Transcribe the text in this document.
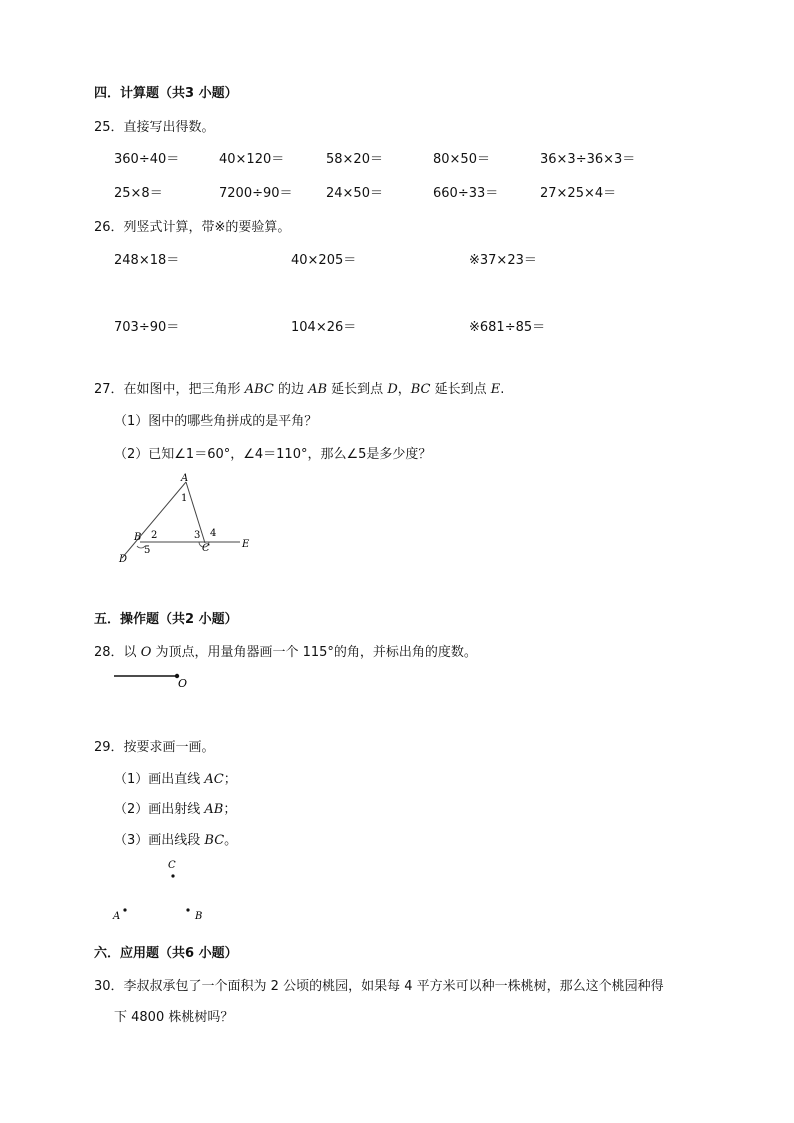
四．计算题（共3 小题）
25．直接写出得数。
360÷40＝	40×120＝	58×20＝	80×50＝	36×3÷36×3＝
25×8＝	7200÷90＝	24×50＝	660÷33＝	27×25×4＝
26．列竖式计算，带※的要验算。
248×18＝	40×205＝	※37×23＝
703÷90＝	104×26＝	※681÷85＝
27．在如图中，把三角形 ABC 的边 AB 延长到点 D，BC 延长到点 E.
（1）图中的哪些角拼成的是平角？
（2）已知∠1＝60°，∠4＝110°，那么∠5是多少度？
A
B
C
D
E
1
2	3 4
5
五．操作题（共2 小题）
28．以 O 为顶点，用量角器画一个 115°的角，并标出角的度数。
O
29．按要求画一画。
（1）画出直线 AC；
（2）画出射线 AB；
（3）画出线段 BC。
C
A	B
六．应用题（共6 小题）
30．李叔叔承包了一个面积为 2 公顷的桃园，如果每 4 平方米可以种一株桃树，那么这个桃园种得
下 4800 株桃树吗？
